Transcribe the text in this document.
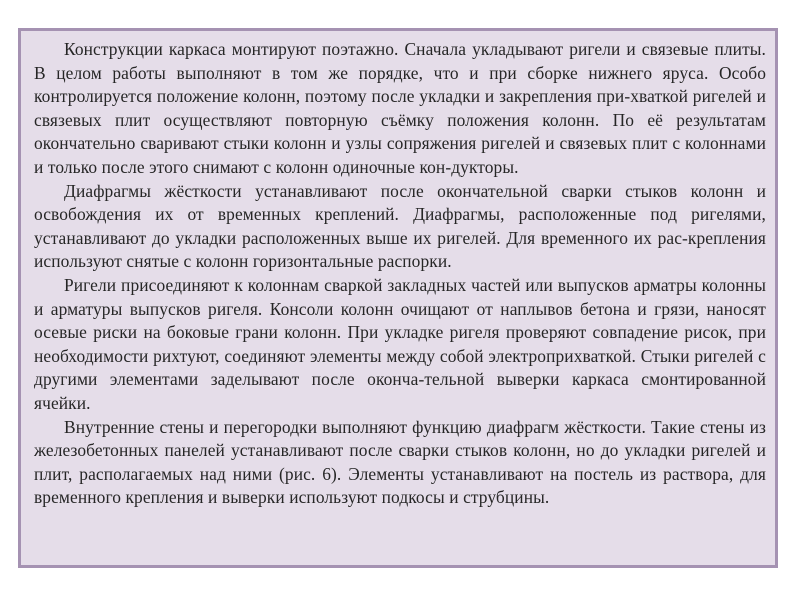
Конструкции каркаса монтируют поэтажно. Сначала укладывают ригели и связевые плиты. В целом работы выполняют в том же порядке, что и при сборке нижнего яруса. Особо контролируется положение колонн, поэтому после укладки и закрепления при-хваткой ригелей и связевых плит осуществляют повторную съёмку положения колонн. По её результатам окончательно сваривают стыки колонн и узлы сопряжения ригелей и связевых плит с колоннами и только после этого снимают с колонн одиночные кон-дукторы.

Диафрагмы жёсткости устанавливают после окончательной сварки стыков колонн и освобождения их от временных креплений. Диафрагмы, расположенные под ригелями, устанавливают до укладки расположенных выше их ригелей. Для временного их рас-крепления используют снятые с колонн горизонтальные распорки.

Ригели присоединяют к колоннам сваркой закладных частей или выпусков арматры колонны и арматуры выпусков ригеля. Консоли колонн очищают от наплывов бетона и грязи, наносят осевые риски на боковые грани колонн. При укладке ригеля проверяют совпадение рисок, при необходимости рихтуют, соединяют элементы между собой электроприхваткой. Стыки ригелей с другими элементами заделывают после оконча-тельной выверки каркаса смонтированной ячейки.

Внутренние стены и перегородки выполняют функцию диафрагм жёсткости. Такие стены из железобетонных панелей устанавливают после сварки стыков колонн, но до укладки ригелей и плит, располагаемых над ними (рис. 6). Элементы устанавливают на постель из раствора, для временного крепления и выверки используют подкосы и струбцины.
